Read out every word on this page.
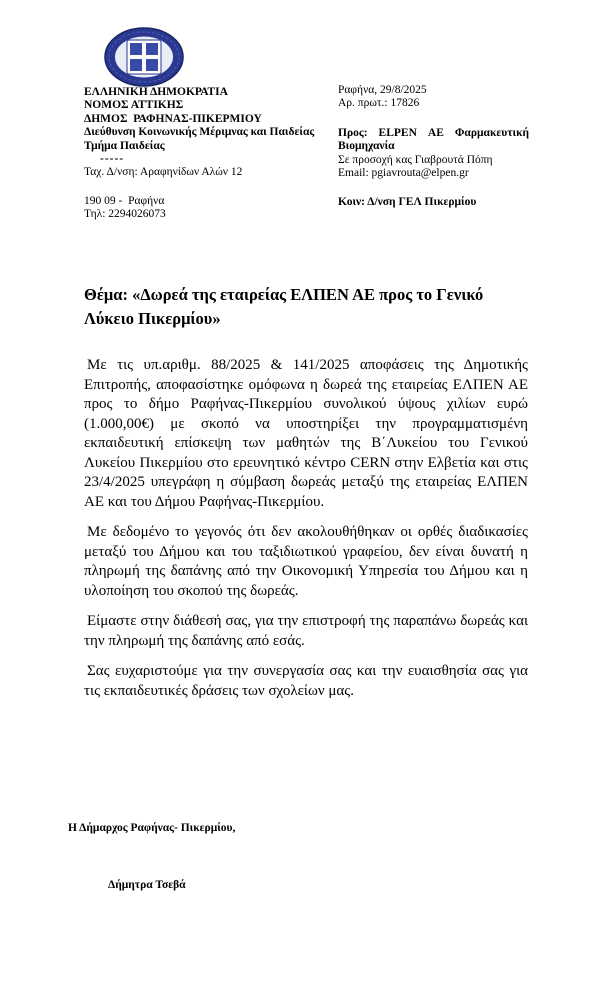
ΕΛΛΗΝΙΚΗ ΔΗΜΟΚΡΑΤΙΑ
ΝΟΜΟΣ ΑΤΤΙΚΗΣ
ΔΗΜΟΣ  ΡΑΦΗΝΑΣ-ΠΙΚΕΡΜΙΟΥ
Διεύθυνση Κοινωνικής Μέριμνας και Παιδείας
Τμήμα Παιδείας
-----
Ταχ. Δ/νση: Αραφηνίδων Αλών 12
190 09 -  Ραφήνα
Τηλ: 2294026073
Ραφήνα, 29/8/2025
Αρ. πρωτ.: 17826
Προς: ELPEN ΑΕ Φαρμακευτική Βιομηχανία
Σε προσοχή κας Γιαβρουτά Πόπη
Email: pgiavrouta@elpen.gr
Κοιν: Δ/νση ΓΕΛ Πικερμίου
Θέμα: «Δωρεά της εταιρείας ΕΛΠΕΝ ΑΕ προς το Γενικό Λύκειο Πικερμίου»

Με τις υπ.αριθμ. 88/2025 & 141/2025 αποφάσεις της Δημοτικής Επιτροπής, αποφασίστηκε ομόφωνα η δωρεά της εταιρείας ΕΛΠΕΝ ΑΕ προς το δήμο Ραφήνας-Πικερμίου συνολικού ύψους χιλίων ευρώ (1.000,00€) με σκοπό να υποστηρίξει την προγραμματισμένη εκπαιδευτική επίσκεψη των μαθητών της Β΄Λυκείου του Γενικού Λυκείου Πικερμίου στο ερευνητικό κέντρο CERN στην Ελβετία και στις 23/4/2025 υπεγράφη η σύμβαση δωρεάς μεταξύ της εταιρείας ΕΛΠΕΝ ΑΕ και του Δήμου Ραφήνας-Πικερμίου.

Με δεδομένο το γεγονός ότι δεν ακολουθήθηκαν οι ορθές διαδικασίες μεταξύ του Δήμου και του ταξιδιωτικού γραφείου, δεν είναι δυνατή η πληρωμή της δαπάνης από την Οικονομική Υπηρεσία του Δήμου και η υλοποίηση του σκοπού της δωρεάς.

Είμαστε στην διάθεσή σας, για την επιστροφή της παραπάνω δωρεάς και την πληρωμή της δαπάνης από εσάς.

Σας ευχαριστούμε για την συνεργασία σας και την ευαισθησία σας για τις εκπαιδευτικές δράσεις των σχολείων μας.

Η Δήμαρχος Ραφήνας- Πικερμίου,
Δήμητρα Τσεβά
